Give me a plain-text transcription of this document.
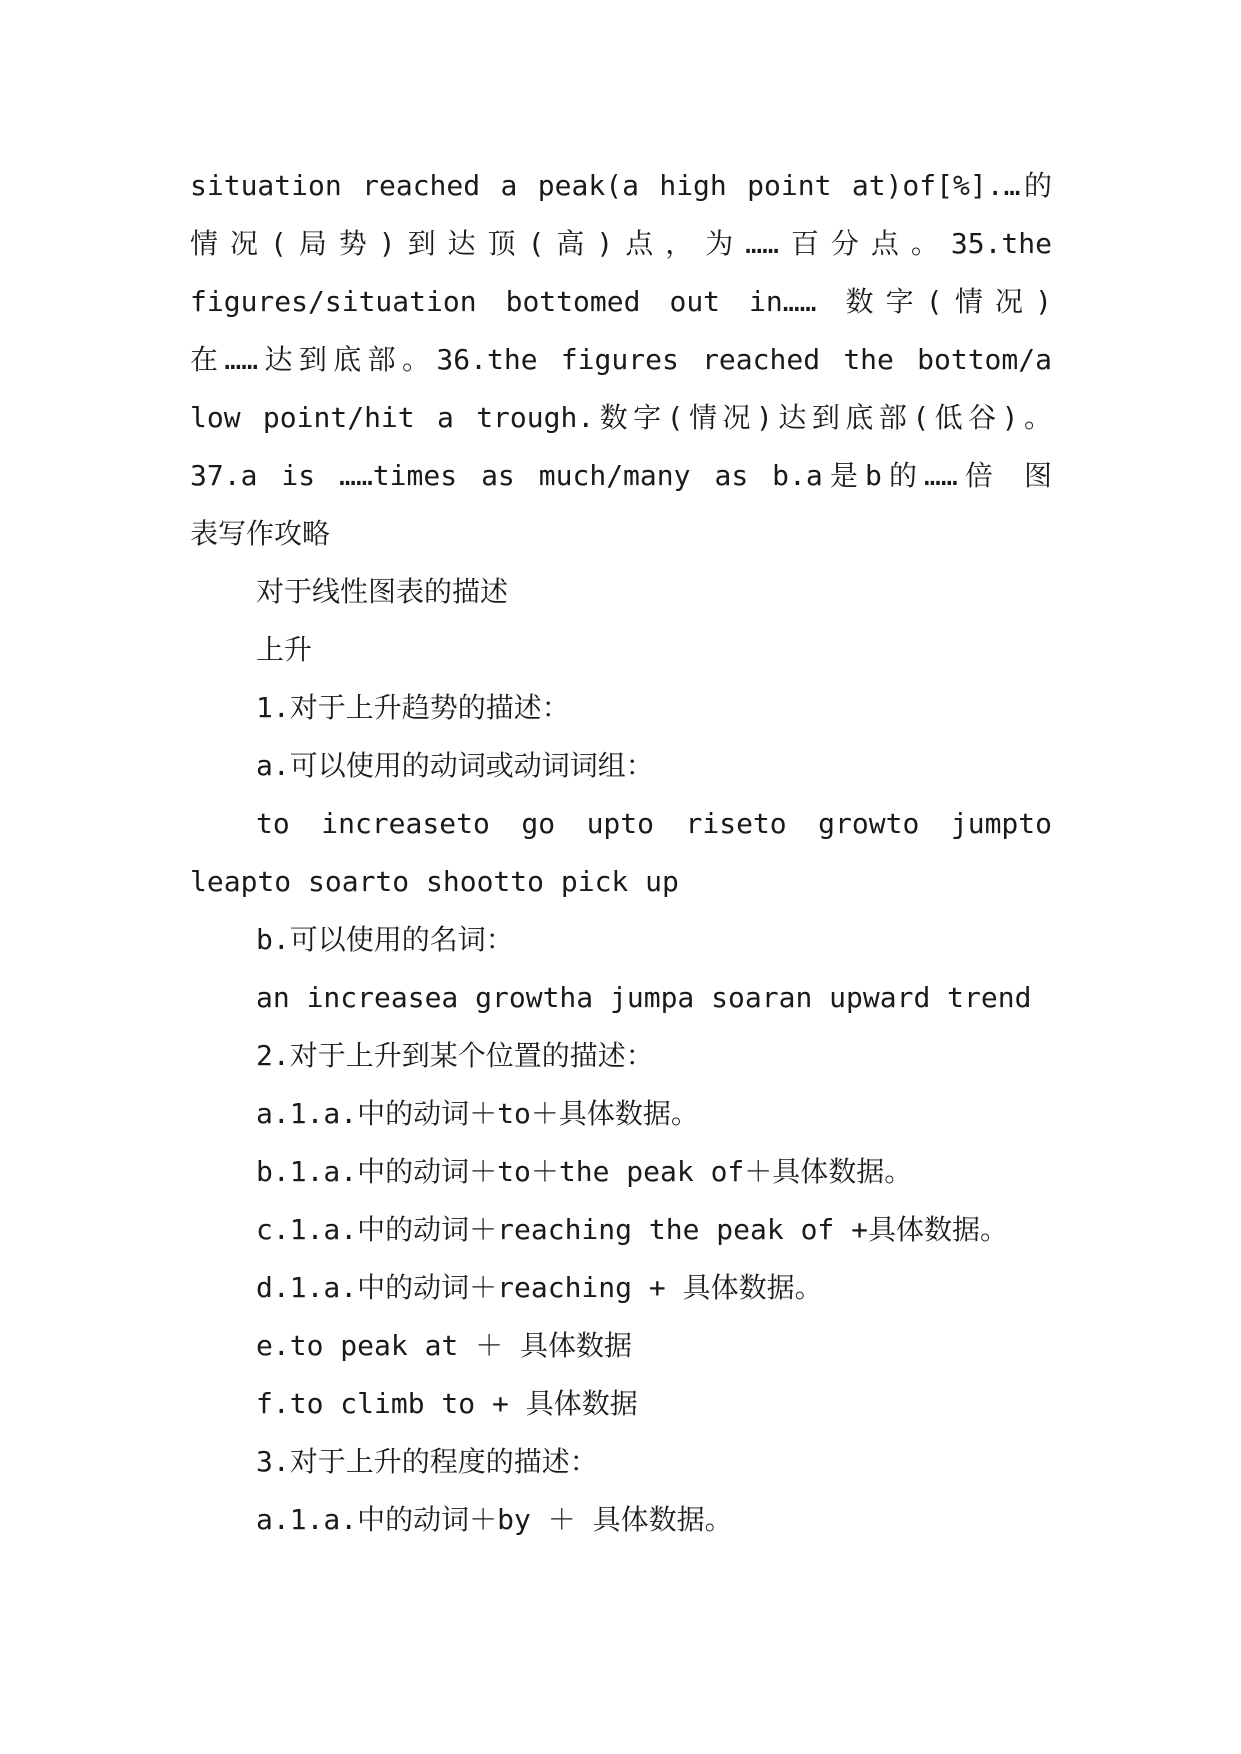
situation reached a peak(a high point at)of[%].…的
情况(局势)到达顶(高)点，为……百分点。35.the
figures/situation bottomed out in…… 数字(情况)
在……达到底部。36.the figures reached the bottom/a
low point/hit a trough.数字(情况)达到底部(低谷)。
37.a is ……times as much/many as b.a是b的……倍 图
表写作攻略
对于线性图表的描述
上升
1.对于上升趋势的描述：
a.可以使用的动词或动词词组：
to increaseto go upto riseto growto jumpto
leapto soarto shootto pick up
b.可以使用的名词：
an increasea growtha jumpa soaran upward trend
2.对于上升到某个位置的描述：
a.1.a.中的动词＋to＋具体数据。
b.1.a.中的动词＋to＋the peak of＋具体数据。
c.1.a.中的动词＋reaching the peak of +具体数据。
d.1.a.中的动词＋reaching + 具体数据。
e.to peak at ＋ 具体数据
f.to climb to + 具体数据
3.对于上升的程度的描述：
a.1.a.中的动词＋by ＋ 具体数据。
